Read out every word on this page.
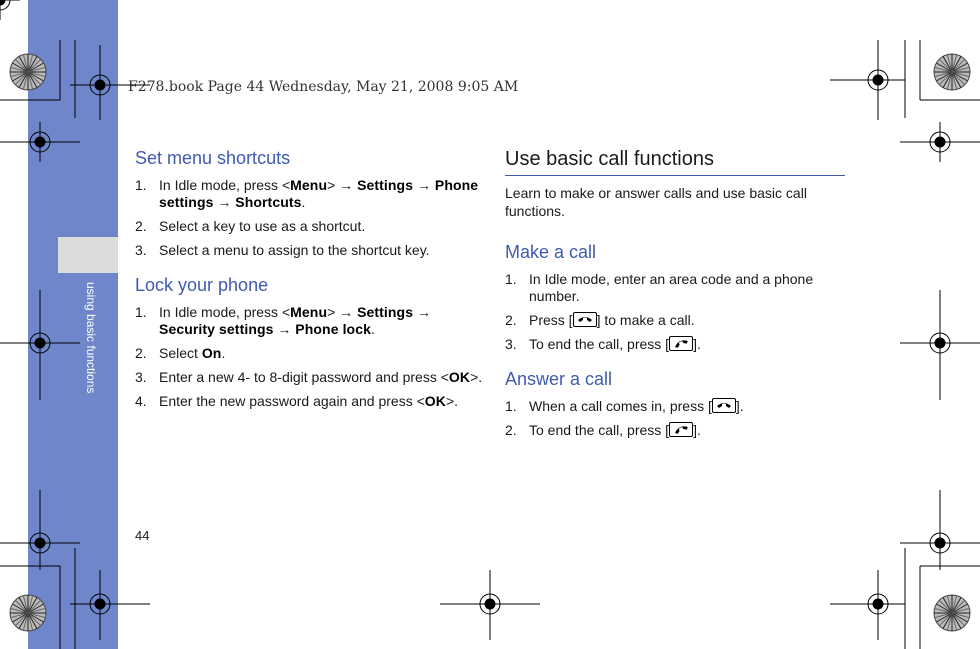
using basic functions
44
F278.book Page 44 Wednesday, May 21, 2008 9:05 AM
Set menu shortcuts
1. In Idle mode, press <Menu> → Settings → Phone settings → Shortcuts.
2. Select a key to use as a shortcut.
3. Select a menu to assign to the shortcut key.
Lock your phone
1. In Idle mode, press <Menu> → Settings → Security settings → Phone lock.
2. Select On.
3. Enter a new 4- to 8-digit password and press <OK>.
4. Enter the new password again and press <OK>.
Use basic call functions
Learn to make or answer calls and use basic call functions.
Make a call
1. In Idle mode, enter an area code and a phone number.
2. Press [ ] to make a call.
3. To end the call, press [ ].
Answer a call
1. When a call comes in, press [ ].
2. To end the call, press [ ].
